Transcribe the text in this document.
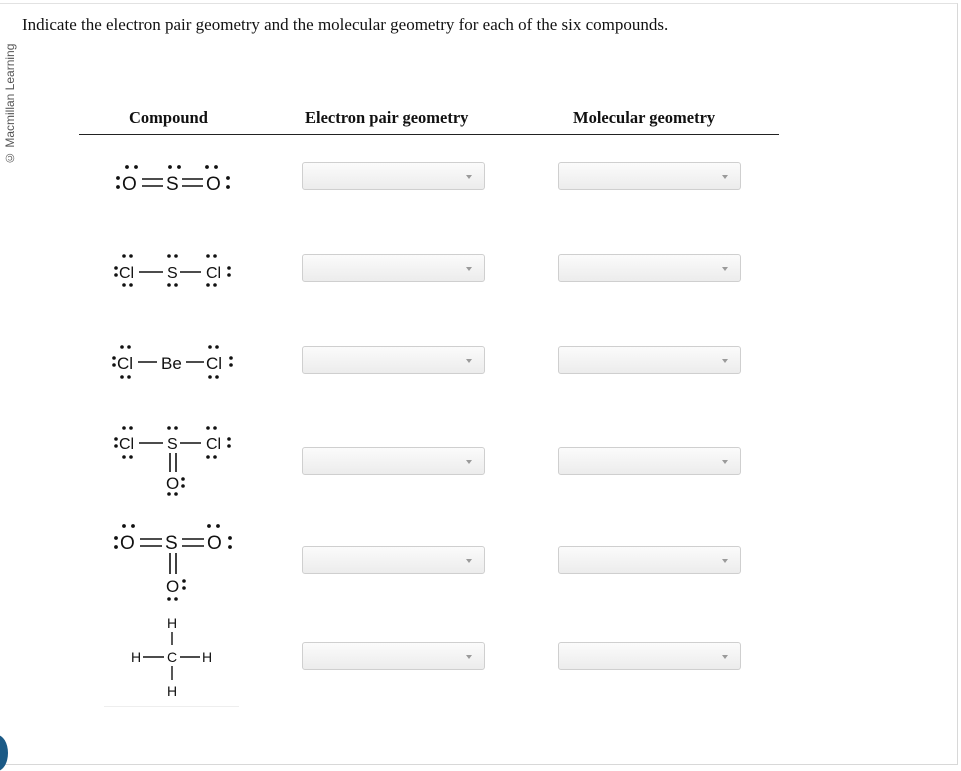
© Macmillan Learning
Indicate the electron pair geometry and the molecular geometry for each of the six compounds.
Compound	Electron pair geometry	Molecular geometry
O S O
Cl S Cl
Cl Be Cl
Cl S Cl
O
O S O
O
H
H C H
H
